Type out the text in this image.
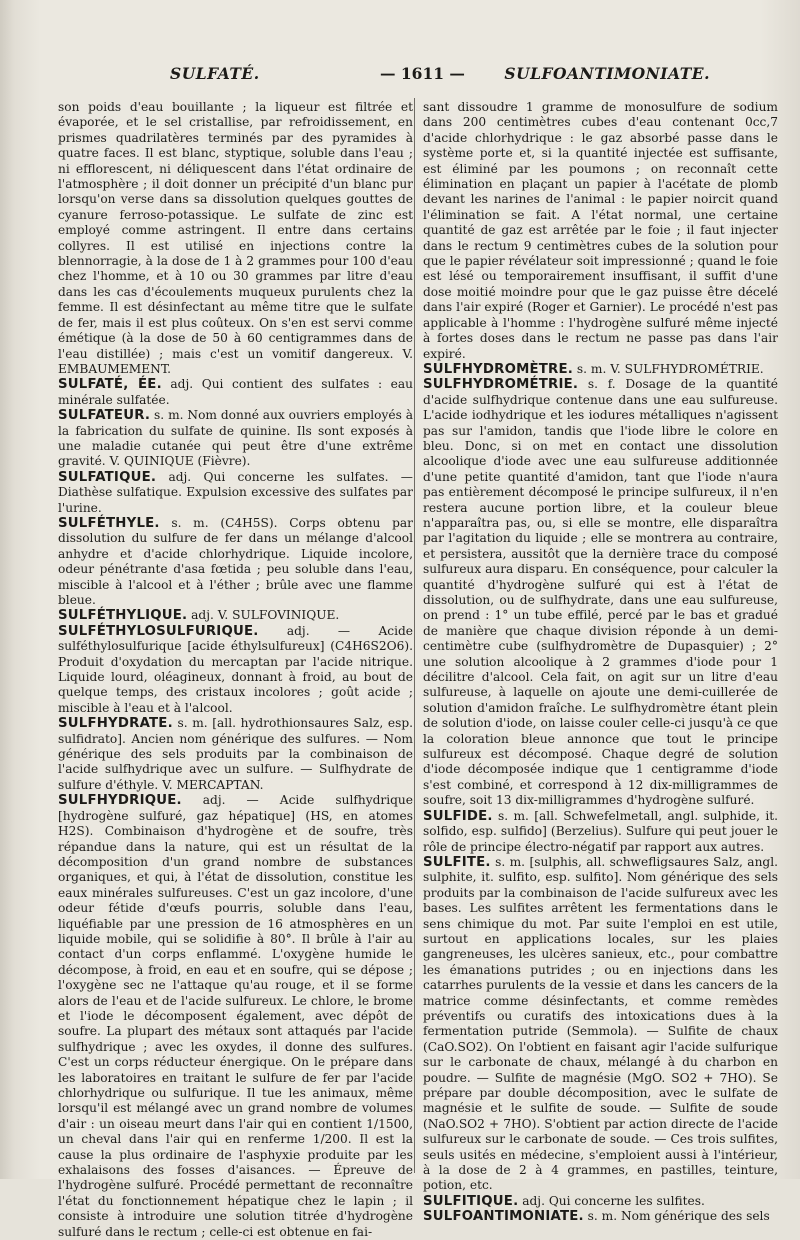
SULFATÉ.	— 1611 —	SULFOANTIMONIATE.

son poids d'eau bouillante ; la liqueur est filtrée et évaporée, et le sel cristallise, par refroidissement, en prismes quadrilatères terminés par des pyramides à quatre faces. Il est blanc, styptique, soluble dans l'eau ; ni efflorescent, ni déliquescent dans l'état ordinaire de l'atmosphère ; il doit donner un précipité d'un blanc pur lorsqu'on verse dans sa dissolution quelques gouttes de cyanure ferroso-potassique. Le sulfate de zinc est employé comme astringent. Il entre dans certains collyres. Il est utilisé en injections contre la blennorragie, à la dose de 1 à 2 grammes pour 100 d'eau chez l'homme, et à 10 ou 30 grammes par litre d'eau dans les cas d'écoulements muqueux purulents chez la femme. Il est désinfectant au même titre que le sulfate de fer, mais il est plus coûteux. On s'en est servi comme émétique (à la dose de 50 à 60 centigrammes dans de l'eau distillée) ; mais c'est un vomitif dangereux. V. EMBAUMEMENT.

SULFATÉ, ÉE. adj. Qui contient des sulfates : eau minérale sulfatée.

SULFATEUR. s. m. Nom donné aux ouvriers employés à la fabrication du sulfate de quinine. Ils sont exposés à une maladie cutanée qui peut être d'une extrême gravité. V. QUINIQUE (Fièvre).

SULFATIQUE. adj. Qui concerne les sulfates. — Diathèse sulfatique. Expulsion excessive des sulfates par l'urine.

SULFÉTHYLE. s. m. (C4H5S). Corps obtenu par dissolution du sulfure de fer dans un mélange d'alcool anhydre et d'acide chlorhydrique. Liquide incolore, odeur pénétrante d'asa fœtida ; peu soluble dans l'eau, miscible à l'alcool et à l'éther ; brûle avec une flamme bleue.

SULFÉTHYLIQUE. adj. V. SULFOVINIQUE.

SULFÉTHYLOSULFURIQUE. adj. — Acide sulféthylosulfurique [acide éthylsulfureux] (C4H6S2O6). Produit d'oxydation du mercaptan par l'acide nitrique. Liquide lourd, oléagineux, donnant à froid, au bout de quelque temps, des cristaux incolores ; goût acide ; miscible à l'eau et à l'alcool.

SULFHYDRATE. s. m. [all. hydrothionsaures Salz, esp. sulfidrato]. Ancien nom générique des sulfures. — Nom générique des sels produits par la combinaison de l'acide sulfhydrique avec un sulfure. — Sulfhydrate de sulfure d'éthyle. V. MERCAPTAN.

SULFHYDRIQUE. adj. — Acide sulfhydrique [hydrogène sulfuré, gaz hépatique] (HS, en atomes H2S). Combinaison d'hydrogène et de soufre, très répandue dans la nature, qui est un résultat de la décomposition d'un grand nombre de substances organiques, et qui, à l'état de dissolution, constitue les eaux minérales sulfureuses. C'est un gaz incolore, d'une odeur fétide d'œufs pourris, soluble dans l'eau, liquéfiable par une pression de 16 atmosphères en un liquide mobile, qui se solidifie à 80°. Il brûle à l'air au contact d'un corps enflammé. L'oxygène humide le décompose, à froid, en eau et en soufre, qui se dépose ; l'oxygène sec ne l'attaque qu'au rouge, et il se forme alors de l'eau et de l'acide sulfureux. Le chlore, le brome et l'iode le décomposent également, avec dépôt de soufre. La plupart des métaux sont attaqués par l'acide sulfhydrique ; avec les oxydes, il donne des sulfures. C'est un corps réducteur énergique. On le prépare dans les laboratoires en traitant le sulfure de fer par l'acide chlorhydrique ou sulfurique. Il tue les animaux, même lorsqu'il est mélangé avec un grand nombre de volumes d'air : un oiseau meurt dans l'air qui en contient 1/1500, un cheval dans l'air qui en renferme 1/200. Il est la cause la plus ordinaire de l'asphyxie produite par les exhalaisons des fosses d'aisances. — Épreuve de l'hydrogène sulfuré. Procédé permettant de reconnaître l'état du fonctionnement hépatique chez le lapin ; il consiste à introduire une solution titrée d'hydrogène sulfuré dans le rectum ; celle-ci est obtenue en fai-

sant dissoudre 1 gramme de monosulfure de sodium dans 200 centimètres cubes d'eau contenant 0cc,7 d'acide chlorhydrique : le gaz absorbé passe dans le système porte et, si la quantité injectée est suffisante, est éliminé par les poumons ; on reconnaît cette élimination en plaçant un papier à l'acétate de plomb devant les narines de l'animal : le papier noircit quand l'élimination se fait. A l'état normal, une certaine quantité de gaz est arrêtée par le foie ; il faut injecter dans le rectum 9 centimètres cubes de la solution pour que le papier révélateur soit impressionné ; quand le foie est lésé ou temporairement insuffisant, il suffit d'une dose moitié moindre pour que le gaz puisse être décelé dans l'air expiré (Roger et Garnier). Le procédé n'est pas applicable à l'homme : l'hydrogène sulfuré même injecté à fortes doses dans le rectum ne passe pas dans l'air expiré.

SULFHYDROMÈTRE. s. m. V. SULFHYDROMÉTRIE.

SULFHYDROMÉTRIE. s. f. Dosage de la quantité d'acide sulfhydrique contenue dans une eau sulfureuse. L'acide iodhydrique et les iodures métalliques n'agissent pas sur l'amidon, tandis que l'iode libre le colore en bleu. Donc, si on met en contact une dissolution alcoolique d'iode avec une eau sulfureuse additionnée d'une petite quantité d'amidon, tant que l'iode n'aura pas entièrement décomposé le principe sulfureux, il n'en restera aucune portion libre, et la couleur bleue n'apparaîtra pas, ou, si elle se montre, elle disparaîtra par l'agitation du liquide ; elle se montrera au contraire, et persistera, aussitôt que la dernière trace du composé sulfureux aura disparu. En conséquence, pour calculer la quantité d'hydrogène sulfuré qui est à l'état de dissolution, ou de sulfhydrate, dans une eau sulfureuse, on prend : 1° un tube effilé, percé par le bas et gradué de manière que chaque division réponde à un demi-centimètre cube (sulfhydromètre de Dupasquier) ; 2° une solution alcoolique à 2 grammes d'iode pour 1 décilitre d'alcool. Cela fait, on agit sur un litre d'eau sulfureuse, à laquelle on ajoute une demi-cuillerée de solution d'amidon fraîche. Le sulfhydromètre étant plein de solution d'iode, on laisse couler celle-ci jusqu'à ce que la coloration bleue annonce que tout le principe sulfureux est décomposé. Chaque degré de solution d'iode décomposée indique que 1 centigramme d'iode s'est combiné, et correspond à 12 dix-milligrammes de soufre, soit 13 dix-milligrammes d'hydrogène sulfuré.

SULFIDE. s. m. [all. Schwefelmetall, angl. sulphide, it. solfido, esp. sulfido] (Berzelius). Sulfure qui peut jouer le rôle de principe électro-négatif par rapport aux autres.

SULFITE. s. m. [sulphis, all. schwefligsaures Salz, angl. sulphite, it. sulfito, esp. sulfito]. Nom générique des sels produits par la combinaison de l'acide sulfureux avec les bases. Les sulfites arrêtent les fermentations dans le sens chimique du mot. Par suite l'emploi en est utile, surtout en applications locales, sur les plaies gangreneuses, les ulcères sanieux, etc., pour combattre les émanations putrides ; ou en injections dans les catarrhes purulents de la vessie et dans les cancers de la matrice comme désinfectants, et comme remèdes préventifs ou curatifs des intoxications dues à la fermentation putride (Semmola). — Sulfite de chaux (CaO.SO2). On l'obtient en faisant agir l'acide sulfurique sur le carbonate de chaux, mélangé à du charbon en poudre. — Sulfite de magnésie (MgO. SO2 + 7HO). Se prépare par double décomposition, avec le sulfate de magnésie et le sulfite de soude. — Sulfite de soude (NaO.SO2 + 7HO). S'obtient par action directe de l'acide sulfureux sur le carbonate de soude. — Ces trois sulfites, seuls usités en médecine, s'emploient aussi à l'intérieur, à la dose de 2 à 4 grammes, en pastilles, teinture, potion, etc.

SULFITIQUE. adj. Qui concerne les sulfites.

SULFOANTIMONIATE. s. m. Nom générique des sels
